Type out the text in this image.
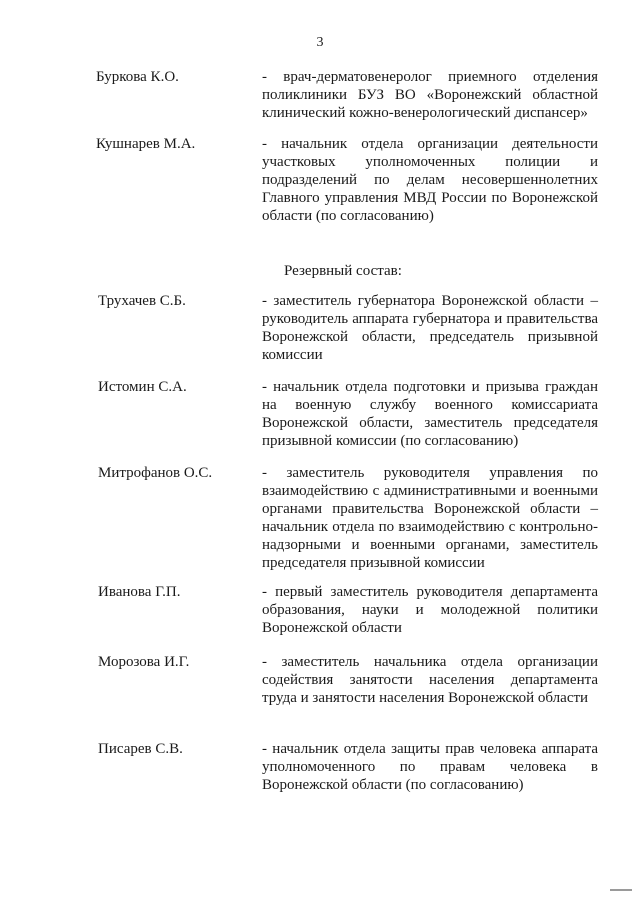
3
Буркова К.О.	- врач-дерматовенеролог приемного отделения поликлиники БУЗ ВО «Воронежский областной клинический кожно-венерологический диспансер»
Кушнарев М.А.	- начальник отдела организации деятельности участковых уполномоченных полиции и подразделений по делам несовершеннолетних Главного управления МВД России по Воронежской области (по согласованию)
Резервный состав:
Трухачев С.Б.	- заместитель губернатора Воронежской области – руководитель аппарата губернатора и правительства Воронежской области, председатель призывной комиссии
Истомин С.А.	- начальник отдела подготовки и призыва граждан на военную службу военного комиссариата Воронежской области, заместитель председателя призывной комиссии (по согласованию)
Митрофанов О.С.	- заместитель руководителя управления по взаимодействию с административными и военными органами правительства Воронежской области – начальник отдела по взаимодействию с контрольно-надзорными и военными органами, заместитель председателя призывной комиссии
Иванова Г.П.	- первый заместитель руководителя департамента образования, науки и молодежной политики Воронежской области
Морозова И.Г.	- заместитель начальника отдела организации содействия занятости населения департамента труда и занятости населения Воронежской области
Писарев С.В.	- начальник отдела защиты прав человека аппарата уполномоченного по правам человека в Воронежской области (по согласованию)
